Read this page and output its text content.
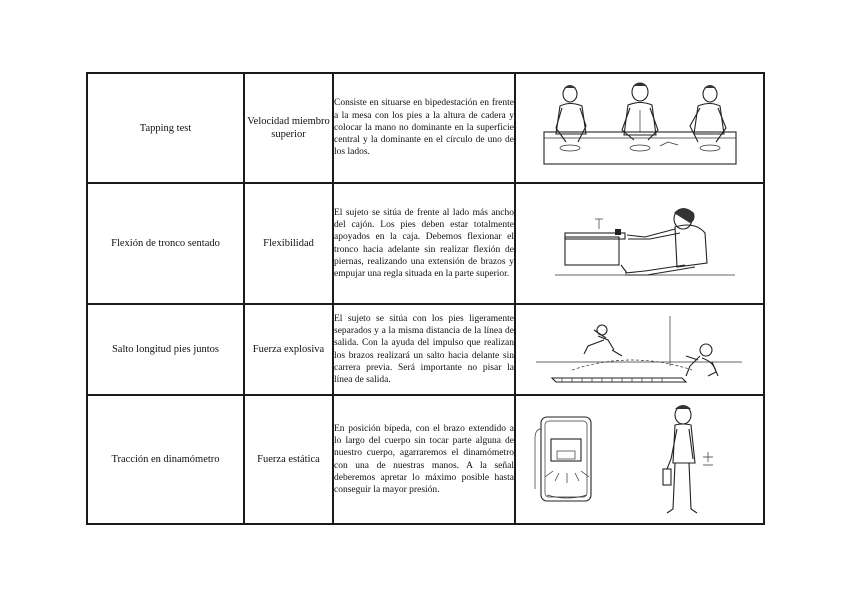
Tapping test	Velocidad miembro superior	Consiste en situarse en bipedestación en frente a la mesa con los pies a la altura de cadera y colocar la mano no dominante en la superficie central y la dominante en el círculo de uno de los lados.	

Flexión de tronco sentado	Flexibilidad	El sujeto se sitúa de frente al lado más ancho del cajón. Los pies deben estar totalmente apoyados en la caja. Debemos flexionar el tronco hacia adelante sin realizar flexión de piernas, realizando una extensión de brazos y empujar una regla situada en la parte superior.	

Salto longitud pies juntos	Fuerza explosiva	El sujeto se sitúa con los pies ligeramente separados y a la misma distancia de la línea de salida. Con la ayuda del impulso que realizan los brazos realizará un salto hacia delante sin carrera previa. Será importante no pisar la línea de salida.	

Tracción en dinamómetro	Fuerza estática	En posición bípeda, con el brazo extendido a lo largo del cuerpo sin tocar parte alguna de nuestro cuerpo, agarraremos el dinamómetro con una de nuestras manos. A la señal deberemos apretar lo máximo posible hasta conseguir la mayor presión.	
